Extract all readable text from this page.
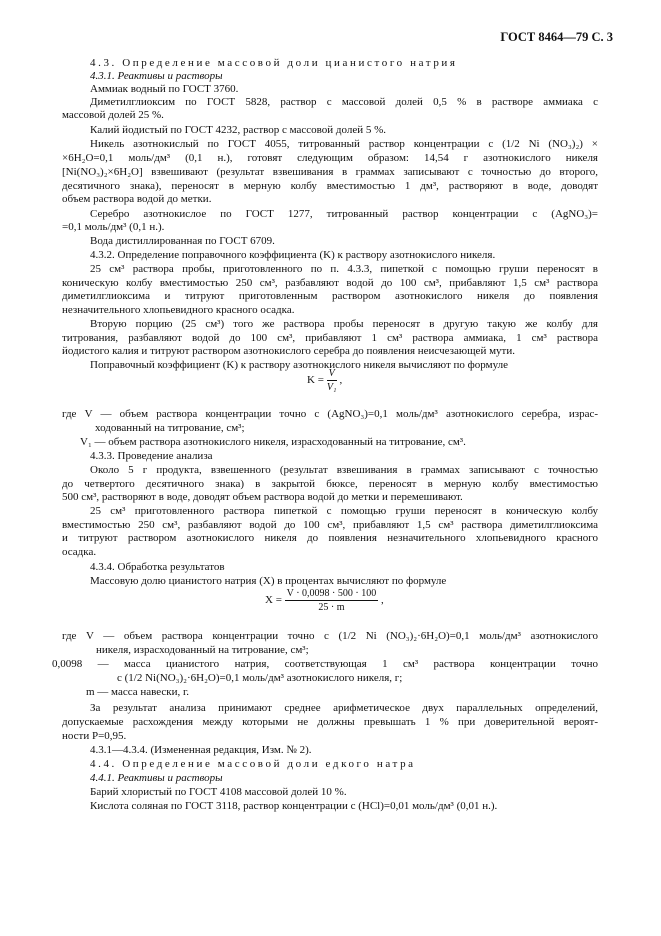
ГОСТ 8464—79 С. 3
4.3. Определение массовой доли цианистого натрия
4.3.1. Реактивы и растворы
Аммиак водный по ГОСТ 3760.
Диметилглиоксим по ГОСТ 5828, раствор с массовой долей 0,5 % в растворе аммиака с
массовой долей 25 %.
Калий йодистый по ГОСТ 4232, раствор с массовой долей 5 %.
Никель азотнокислый по ГОСТ 4055, титрованный раствор концентрации c (1/2 Ni (NO₃)₂) ×
×6H₂O=0,1 моль/дм³ (0,1 н.), готовят следующим образом: 14,54 г азотнокислого никеля
[Ni(NO₃)₂×6H₂O] взвешивают (результат взвешивания в граммах записывают с точностью до второго,
десятичного знака), переносят в мерную колбу вместимостью 1 дм³, растворяют в воде, доводят
объем раствора водой до метки.
Серебро азотнокислое по ГОСТ 1277, титрованный раствор концентрации c (AgNO₃)=
=0,1 моль/дм³ (0,1 н.).
Вода дистиллированная по ГОСТ 6709.
4.3.2. Определение поправочного коэффициента (K) к раствору азотнокислого никеля.
25 см³ раствора пробы, приготовленного по п. 4.3.3, пипеткой с помощью груши переносят в
коническую колбу вместимостью 250 см³, разбавляют водой до 100 см³, прибавляют 1,5 см³ раствора
диметилглиоксима и титруют приготовленным раствором азотнокислого никеля до появления
незначительного хлопьевидного красного осадка.
Вторую порцию (25 см³) того же раствора пробы переносят в другую такую же колбу для
титрования, разбавляют водой до 100 см³, прибавляют 1 см³ раствора аммиака, 1 см³ раствора
йодистого калия и титруют раствором азотнокислого серебра до появления неисчезающей мути.
Поправочный коэффициент (K) к раствору азотнокислого никеля вычисляют по формуле
где V — объем раствора концентрации точно c (AgNO₃)=0,1 моль/дм³ азотнокислого серебра, израс-
ходованный на титрование, см³;
V₁ — объем раствора азотнокислого никеля, израсходованный на титрование, см³.
4.3.3. Проведение анализа
Около 5 г продукта, взвешенного (результат взвешивания в граммах записывают с точностью
до четвертого десятичного знака) в закрытой бюксе, переносят в мерную колбу вместимостью
500 см³, растворяют в воде, доводят объем раствора водой до метки и перемешивают.
25 см³ приготовленного раствора пипеткой с помощью груши переносят в коническую колбу
вместимостью 250 см³, разбавляют водой до 100 см³, прибавляют 1,5 см³ раствора диметилглиоксима
и титруют раствором азотнокислого никеля до появления незначительного хлопьевидного красного
осадка.
4.3.4. Обработка результатов
Массовую долю цианистого натрия (X) в процентах вычисляют по формуле
где V — объем раствора концентрации точно c (1/2 Ni (NO₃)₂·6H₂O)=0,1 моль/дм³ азотнокислого
никеля, израсходованный на титрование, см³;
0,0098 — масса цианистого натрия, соответствующая 1 см³ раствора концентрации точно
c (1/2 Ni(NO₃)₂·6H₂O)=0,1 моль/дм³ азотнокислого никеля, г;
m — масса навески, г.
За результат анализа принимают среднее арифметическое двух параллельных определений,
допускаемые расхождения между которыми не должны превышать 1 % при доверительной вероят-
ности P=0,95.
4.3.1—4.3.4. (Измененная редакция, Изм. № 2).
4.4. Определение массовой доли едкого натра
4.4.1. Реактивы и растворы
Барий хлористый по ГОСТ 4108 массовой долей 10 %.
Кислота соляная по ГОСТ 3118, раствор концентрации c (HCl)=0,01 моль/дм³ (0,01 н.).
$K = \frac{V}{\text{V₁}}$ ,
$X = \frac{V \cdot 0,0098 \cdot 500 \cdot 100}{25 \cdot m}$ ,
